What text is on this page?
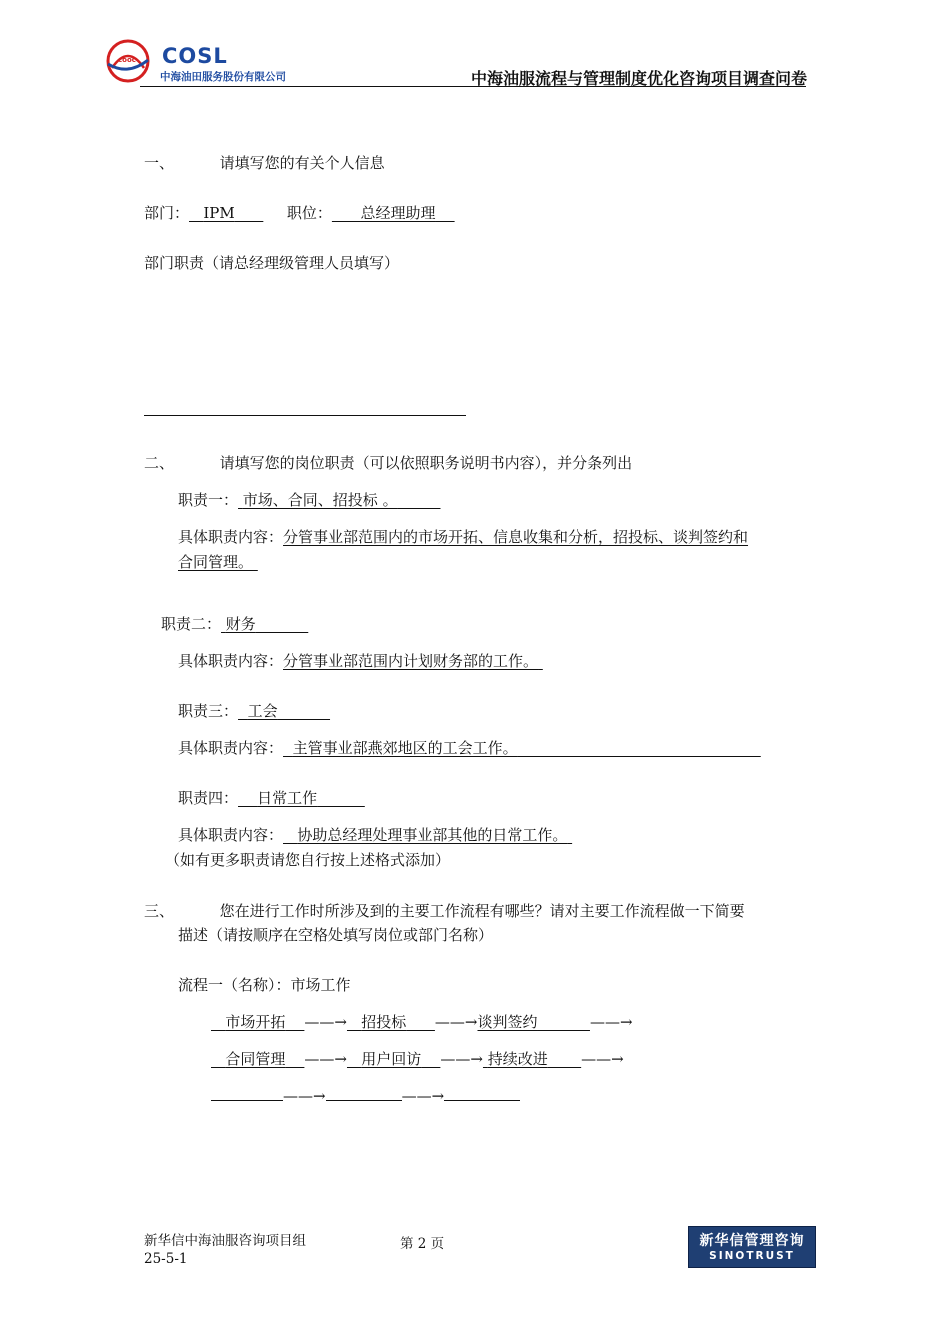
cooc COSL
中海油田服务股份有限公司	中海油服流程与管理制度优化咨询项目调查问卷
一、	请填写您的有关个人信息
部门： IPM	职位： 总经理助理
部门职责（请总经理级管理人员填写）
二、	请填写您的岗位职责（可以依照职务说明书内容），并分条列出
职责一： 市场、合同、招投标 。
具体职责内容：分管事业部范围内的市场开拓、信息收集和分析，招投标、谈判签约和
合同管理。
职责二： 财务
具体职责内容：分管事业部范围内计划财务部的工作。
职责三： 工会
具体职责内容： 主管事业部燕郊地区的工会工作。
职责四： 日常工作
具体职责内容： 协助总经理处理事业部其他的日常工作。
（如有更多职责请您自行按上述格式添加）
三、	您在进行工作时所涉及到的主要工作流程有哪些？请对主要工作流程做一下简要
描述（请按顺序在空格处填写岗位或部门名称）
流程一（名称）：市场工作
市场开拓 ——→ 招投标 ——→谈判签约	——→
合同管理 ——→ 用户回访 ——→ 持续改进 ——→
——→	——→
新华信中海油服咨询项目组
25-5-1
第 2 页	新华信管理咨询
SINOTRUST
